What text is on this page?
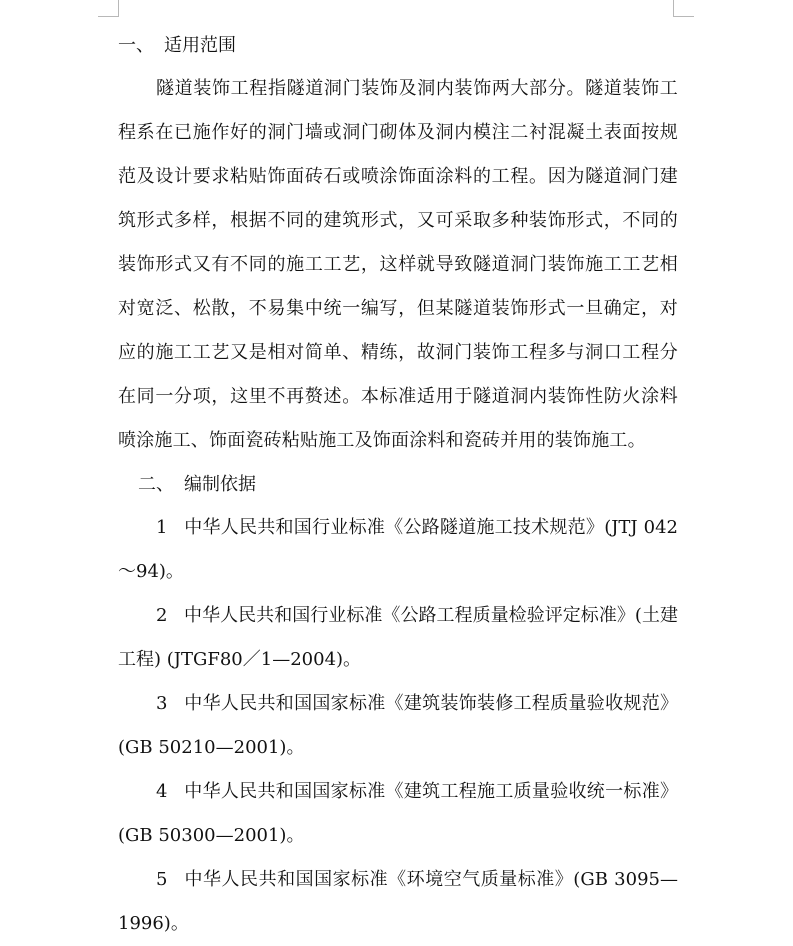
一、 适用范围

隧道装饰工程指隧道洞门装饰及洞内装饰两大部分。隧道装饰工程系在已施作好的洞门墙或洞门砌体及洞内模注二衬混凝土表面按规范及设计要求粘贴饰面砖石或喷涂饰面涂料的工程。因为隧道洞门建筑形式多样，根据不同的建筑形式，又可采取多种装饰形式，不同的装饰形式又有不同的施工工艺，这样就导致隧道洞门装饰施工工艺相对宽泛、松散，不易集中统一编写，但某隧道装饰形式一旦确定，对应的施工工艺又是相对简单、精练，故洞门装饰工程多与洞口工程分在同一分项，这里不再赘述。本标准适用于隧道洞内装饰性防火涂料喷涂施工、饰面瓷砖粘贴施工及饰面涂料和瓷砖并用的装饰施工。

二、 编制依据

1 中华人民共和国行业标准《公路隧道施工技术规范》(JTJ 042～94)。

2 中华人民共和国行业标准《公路工程质量检验评定标准》(土建工程) (JTGF80／1—2004)。

3 中华人民共和国国家标准《建筑装饰装修工程质量验收规范》(GB 50210—2001)。

4 中华人民共和国国家标准《建筑工程施工质量验收统一标准》(GB 50300—2001)。

5 中华人民共和国国家标准《环境空气质量标准》(GB 3095—1996)。
